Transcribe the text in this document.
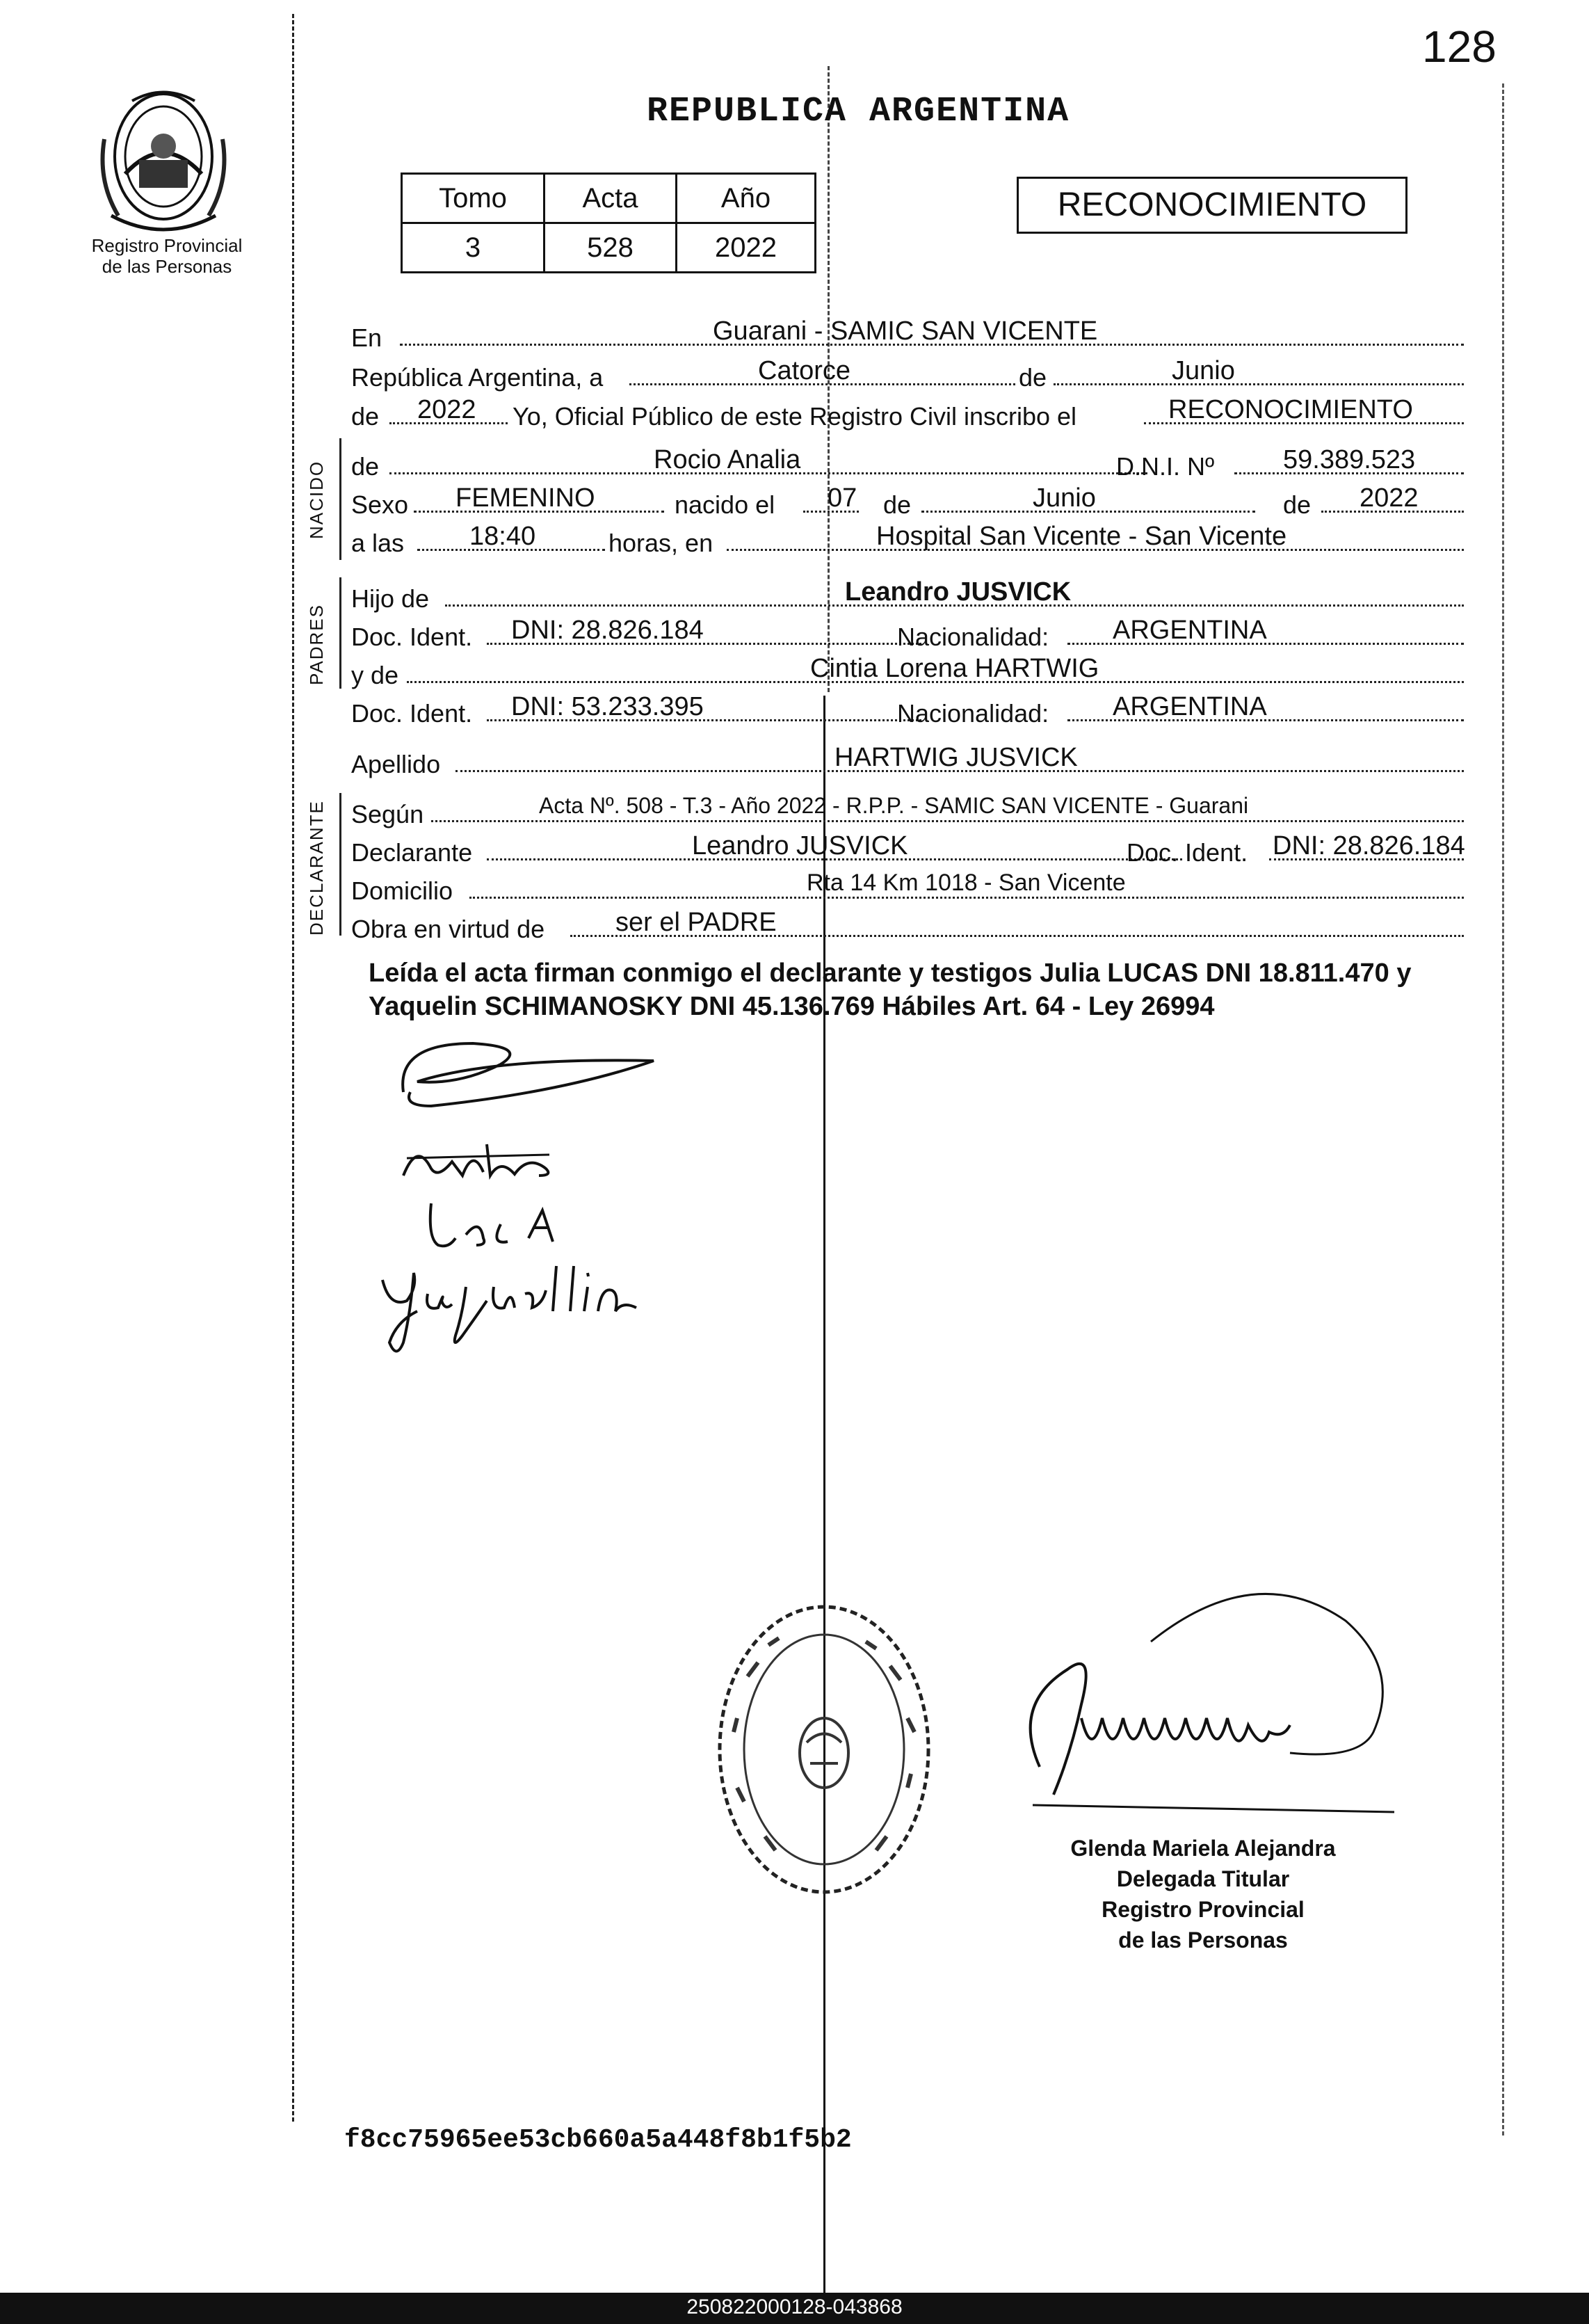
128
Registro Provincial
de las Personas
REPUBLICA ARGENTINA
Tomo	Acta	Año
3	528	2022
RECONOCIMIENTO
NACIDO
PADRES
DECLARANTE
En	Guarani - SAMIC SAN VICENTE
República Argentina, a	Catorce	de	Junio
de 2022 Yo, Oficial Público de este Registro Civil inscribo el	RECONOCIMIENTO
de	Rocio Analia	D.N.I. Nº	59.389.523
Sexo FEMENINO	nacido el 07 de	Junio	de 2022
a las 18:40	horas, en	Hospital San Vicente - San Vicente
Hijo de	Leandro JUSVICK
Doc. Ident. DNI: 28.826.184	Nacionalidad: ARGENTINA
y de	Cintia Lorena HARTWIG
Doc. Ident. DNI: 53.233.395	Nacionalidad: ARGENTINA
Apellido	HARTWIG JUSVICK
Según	Acta Nº. 508 - T.3 - Año 2022 - R.P.P. - SAMIC SAN VICENTE - Guarani
Declarante	Leandro JUSVICK	Doc. Ident. DNI: 28.826.184
Domicilio	Rta 14 Km 1018 - San Vicente
Obra en virtud de	ser el PADRE
Leída el acta firman conmigo el declarante y testigos Julia LUCAS DNI 18.811.470 y Yaquelin SCHIMANOSKY DNI 45.136.769 Hábiles Art. 64 - Ley 26994
Glenda Mariela Alejandra
Delegada Titular
Registro Provincial
de las Personas
f8cc75965ee53cb660a5a448f8b1f5b2
250822000128-043868
